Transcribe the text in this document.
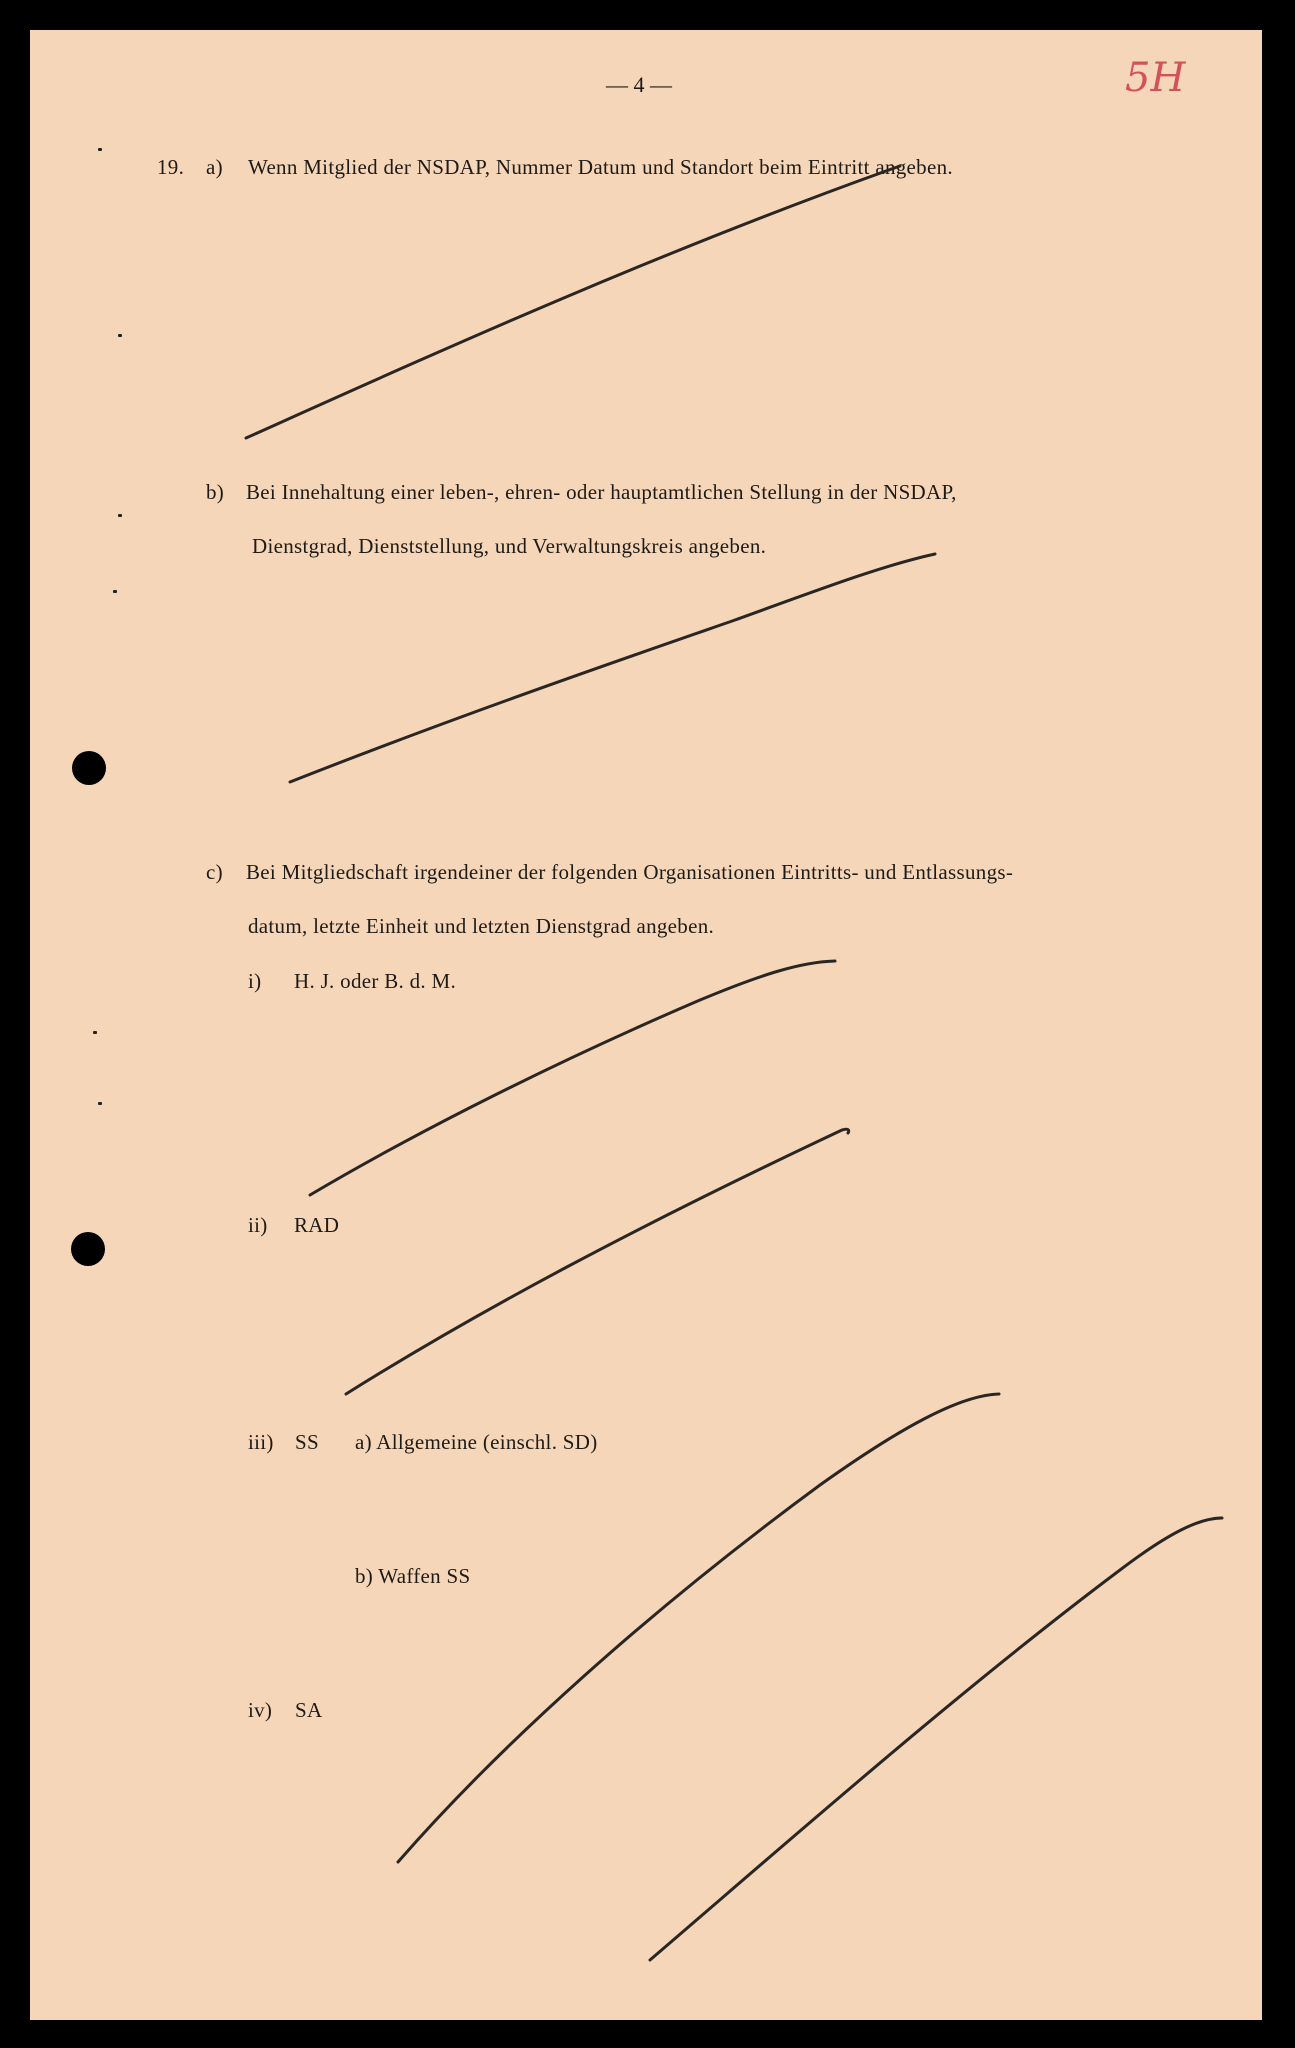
— 4 —	5H
19. a) Wenn Mitglied der NSDAP, Nummer Datum und Standort beim Eintritt angeben.
b) Bei Innehaltung einer leben-, ehren- oder hauptamtlichen Stellung in der NSDAP,
Dienstgrad, Dienststellung, und Verwaltungskreis angeben.
c) Bei Mitgliedschaft irgendeiner der folgenden Organisationen Eintritts- und Entlassungs-
datum, letzte Einheit und letzten Dienstgrad angeben.
i) H. J. oder B. d. M.
ii) RAD
iii) SS a) Allgemeine (einschl. SD)
b) Waffen SS
iv) SA
